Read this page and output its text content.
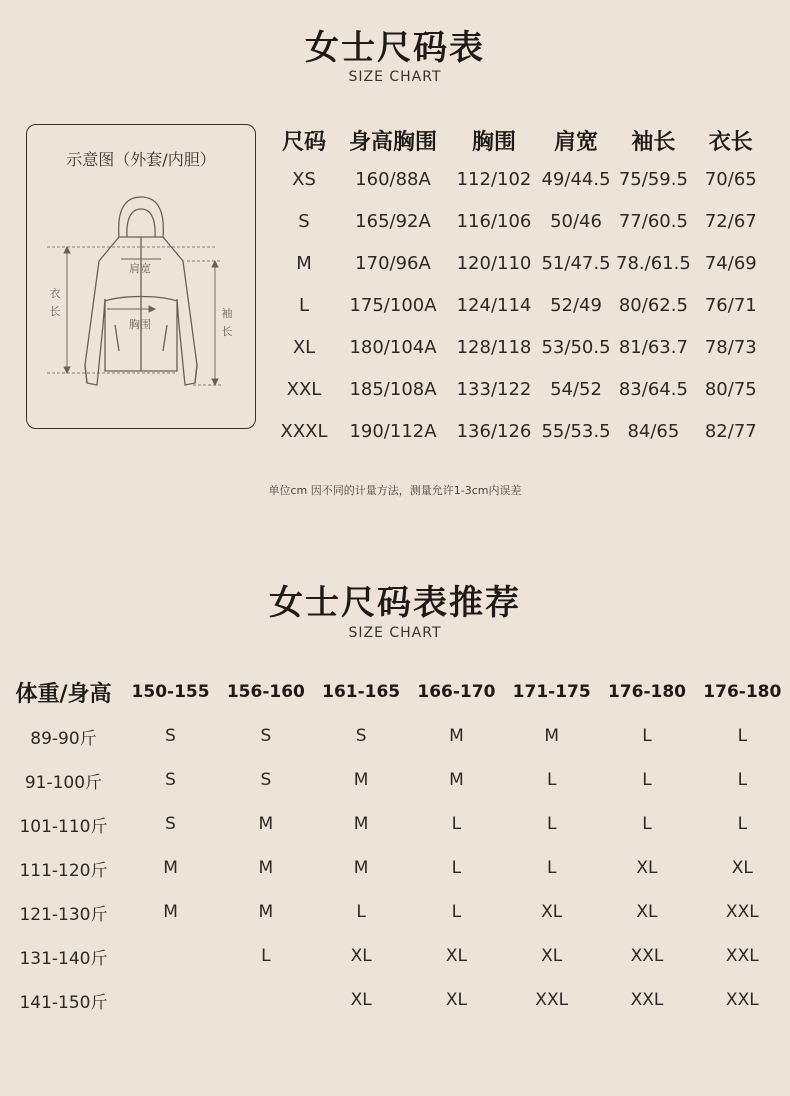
女士尺码表
SIZE CHART
示意图（外套/内胆）
肩宽
胸围
衣长	袖长
尺码	身高胸围	胸围	肩宽	袖长	衣长
XS	160/88A	112/102	49/44.5	75/59.5	70/65
S	165/92A	116/106	50/46	77/60.5	72/67
M	170/96A	120/110	51/47.5	78./61.5	74/69
L	175/100A	124/114	52/49	80/62.5	76/71
XL	180/104A	128/118	53/50.5	81/63.7	78/73
XXL	185/108A	133/122	54/52	83/64.5	80/75
XXXL	190/112A	136/126	55/53.5	84/65	82/77
单位cm 因不同的计量方法，测量允许1-3cm内误差
女士尺码表推荐
SIZE CHART
体重/身高	150-155	156-160	161-165	166-170	171-175	176-180	176-180
89-90斤	S	S	S	M	M	L	L
91-100斤	S	S	M	M	L	L	L
101-110斤	S	M	M	L	L	L	L
111-120斤	M	M	M	L	L	XL	XL
121-130斤	M	M	L	L	XL	XL	XXL
131-140斤		L	XL	XL	XL	XXL	XXL
141-150斤			XL	XL	XXL	XXL	XXL
